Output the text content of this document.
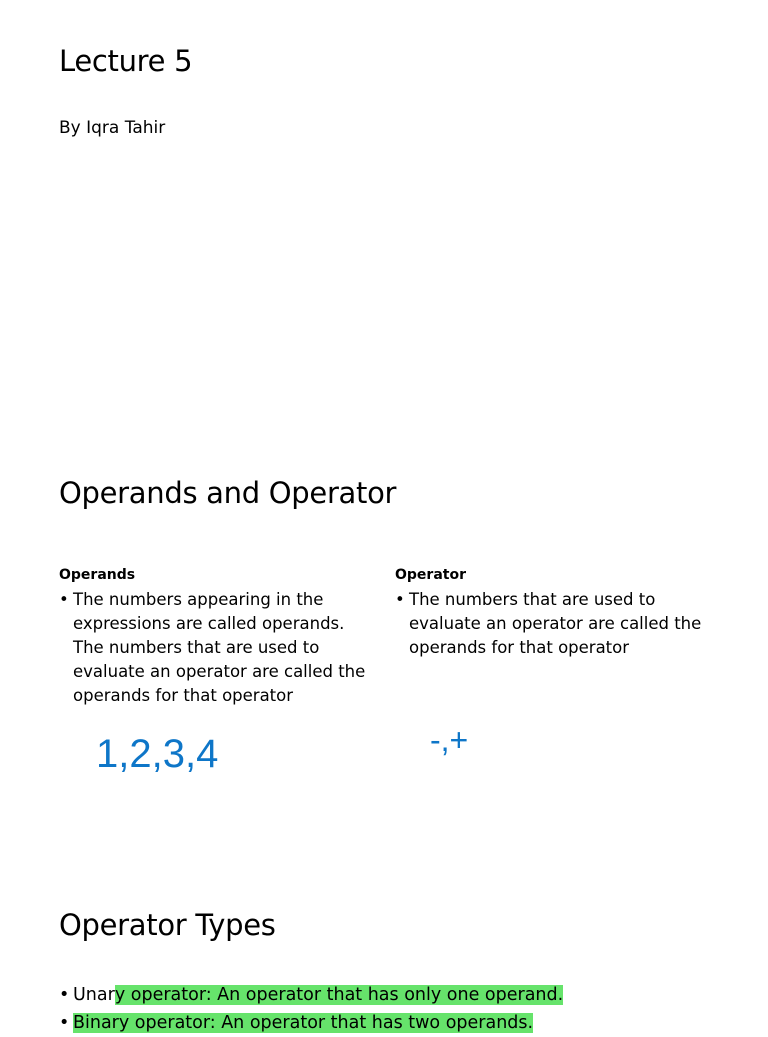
Lecture 5
By Iqra Tahir
Operands and Operator
Operands
• The numbers appearing in the expressions are called operands. The numbers that are used to evaluate an operator are called the operands for that operator
Operator
• The numbers that are used to evaluate an operator are called the operands for that operator
1,2,3,4	-,+
Operator Types
• Unary operator: An operator that has only one operand.
• Binary operator: An operator that has two operands.
